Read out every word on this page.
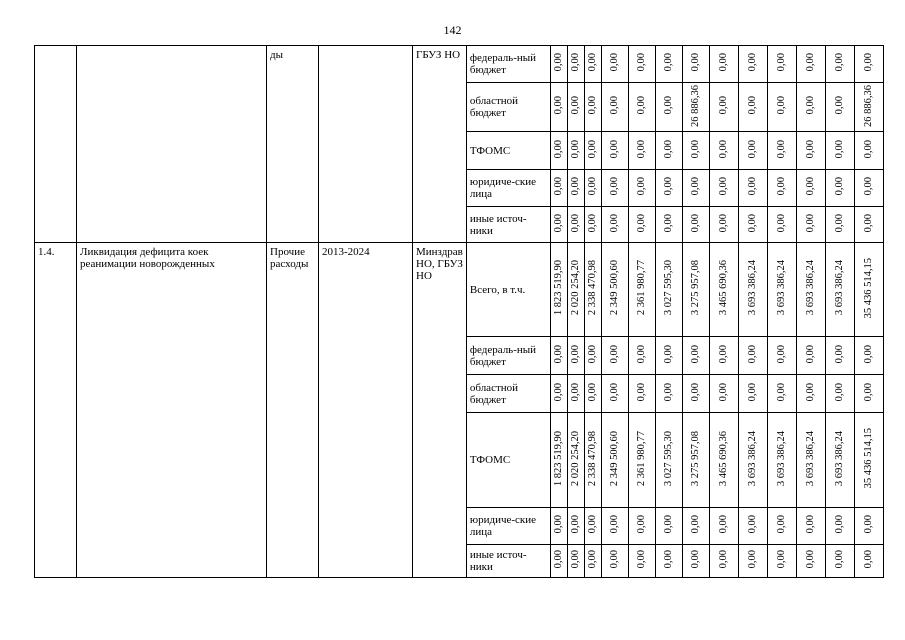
142
		ды		ГБУЗ НО	федераль-ный бюджет	0,00	0,00	0,00	0,00	0,00	0,00	0,00	0,00	0,00	0,00	0,00	0,00	0,00
					областной бюджет	0,00	0,00	0,00	0,00	0,00	0,00	26 886,36	0,00	0,00	0,00	0,00	0,00	26 886,36
					ТФОМС	0,00	0,00	0,00	0,00	0,00	0,00	0,00	0,00	0,00	0,00	0,00	0,00	0,00
					юридиче-ские лица	0,00	0,00	0,00	0,00	0,00	0,00	0,00	0,00	0,00	0,00	0,00	0,00	0,00
					иные источ-ники	0,00	0,00	0,00	0,00	0,00	0,00	0,00	0,00	0,00	0,00	0,00	0,00	0,00
1.4.	Ликвидация дефицита коек реанимации новорожденных	Прочие расходы	2013-2024	Минздрав НО, ГБУЗ НО	Всего, в т.ч.	1 823 519,90	2 020 254,20	2 338 470,98	2 349 500,60	2 361 980,77	3 027 595,30	3 275 957,08	3 465 690,36	3 693 386,24	3 693 386,24	3 693 386,24	3 693 386,24	35 436 514,15
					федераль-ный бюджет	0,00	0,00	0,00	0,00	0,00	0,00	0,00	0,00	0,00	0,00	0,00	0,00	0,00
					областной бюджет	0,00	0,00	0,00	0,00	0,00	0,00	0,00	0,00	0,00	0,00	0,00	0,00	0,00
					ТФОМС	1 823 519,90	2 020 254,20	2 338 470,98	2 349 500,60	2 361 980,77	3 027 595,30	3 275 957,08	3 465 690,36	3 693 386,24	3 693 386,24	3 693 386,24	3 693 386,24	35 436 514,15
					юридиче-ские лица	0,00	0,00	0,00	0,00	0,00	0,00	0,00	0,00	0,00	0,00	0,00	0,00	0,00
					иные источ-ники	0,00	0,00	0,00	0,00	0,00	0,00	0,00	0,00	0,00	0,00	0,00	0,00	0,00
